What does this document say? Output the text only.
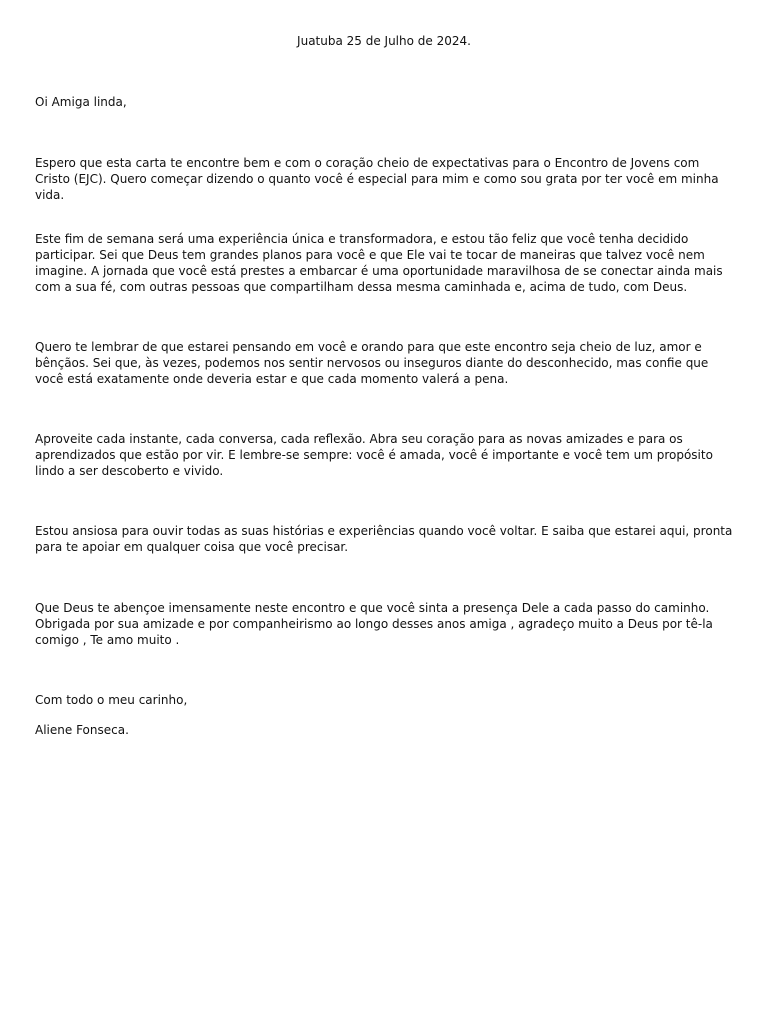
Juatuba 25 de Julho de 2024.

Oi Amiga linda,

Espero que esta carta te encontre bem e com o coração cheio de expectativas para o Encontro de Jovens com Cristo (EJC). Quero começar dizendo o quanto você é especial para mim e como sou grata por ter você em minha vida.

Este fim de semana será uma experiência única e transformadora, e estou tão feliz que você tenha decidido participar. Sei que Deus tem grandes planos para você e que Ele vai te tocar de maneiras que talvez você nem imagine. A jornada que você está prestes a embarcar é uma oportunidade maravilhosa de se conectar ainda mais com a sua fé, com outras pessoas que compartilham dessa mesma caminhada e, acima de tudo, com Deus.

Quero te lembrar de que estarei pensando em você e orando para que este encontro seja cheio de luz, amor e bênçãos. Sei que, às vezes, podemos nos sentir nervosos ou inseguros diante do desconhecido, mas confie que você está exatamente onde deveria estar e que cada momento valerá a pena.

Aproveite cada instante, cada conversa, cada reflexão. Abra seu coração para as novas amizades e para os aprendizados que estão por vir. E lembre-se sempre: você é amada, você é importante e você tem um propósito lindo a ser descoberto e vivido.

Estou ansiosa para ouvir todas as suas histórias e experiências quando você voltar. E saiba que estarei aqui, pronta para te apoiar em qualquer coisa que você precisar.

Que Deus te abençoe imensamente neste encontro e que você sinta a presença Dele a cada passo do caminho. Obrigada por sua amizade e por companheirismo ao longo desses anos amiga , agradeço muito a Deus por tê-la comigo , Te amo muito .

Com todo o meu carinho,

Aliene Fonseca.
